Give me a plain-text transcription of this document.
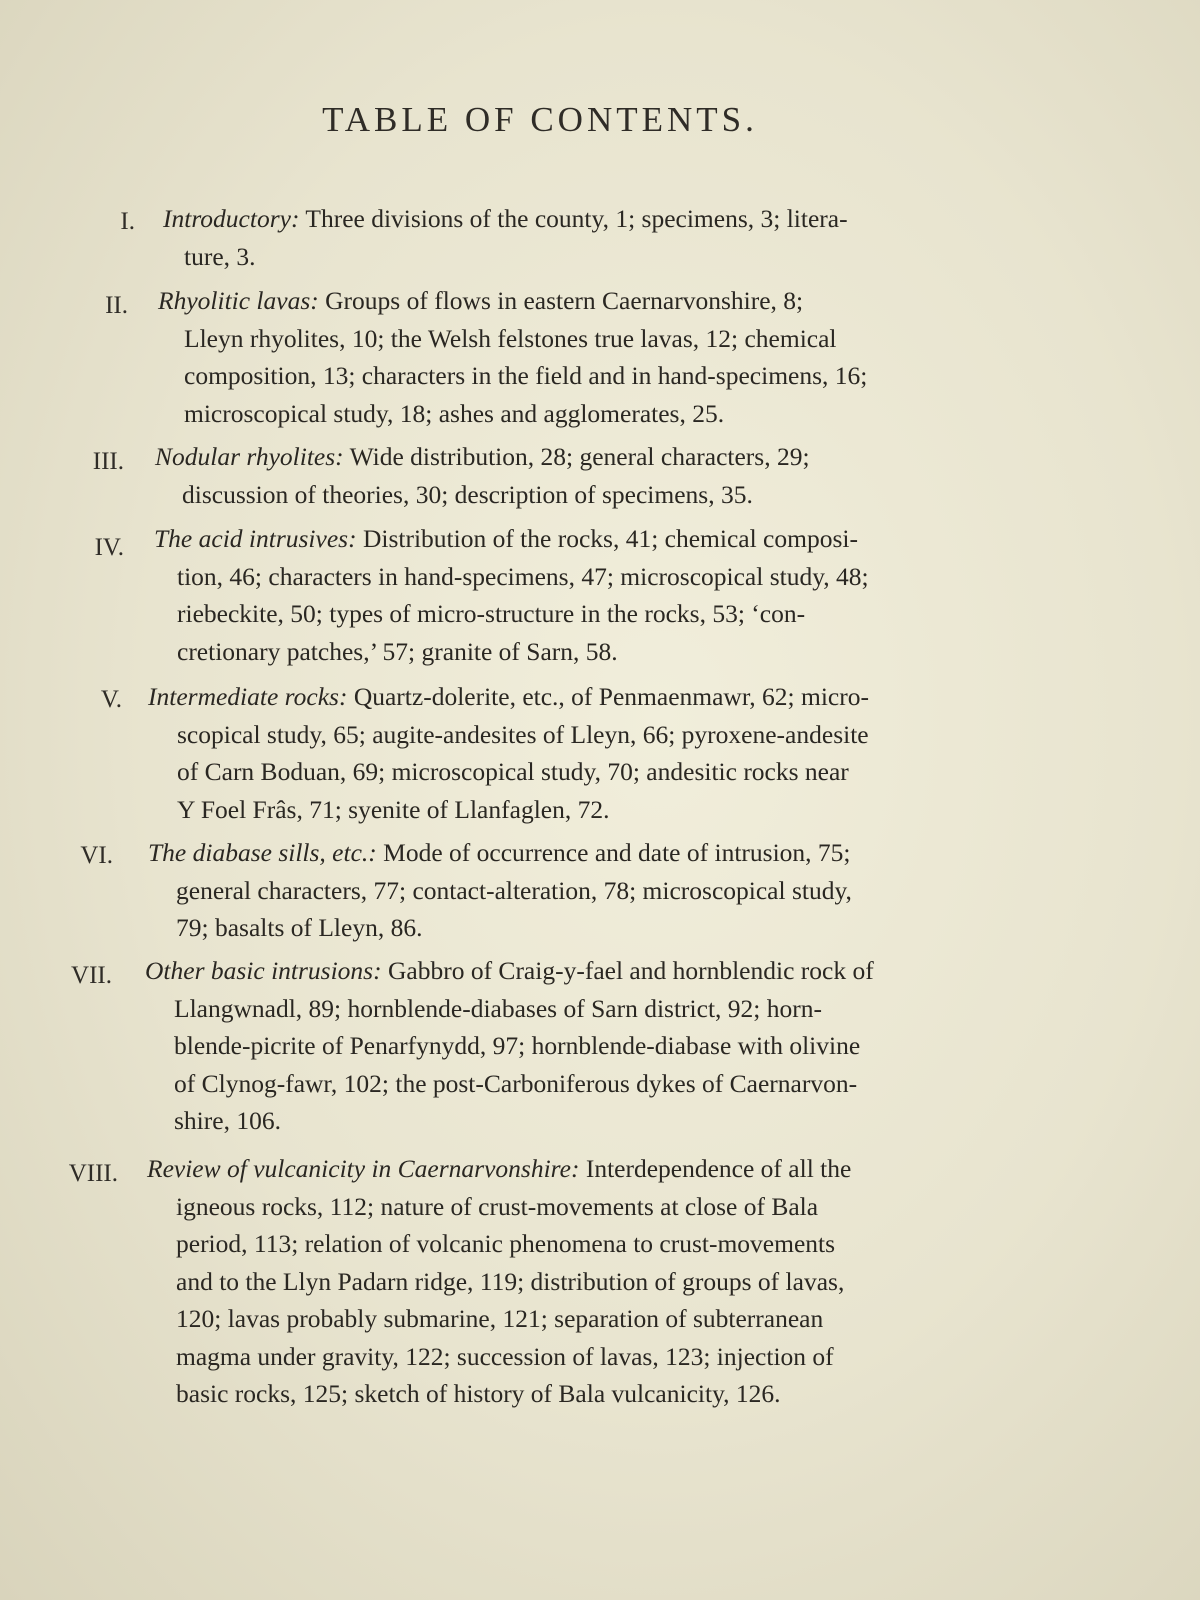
TABLE OF CONTENTS.
I. Introductory: Three divisions of the county, 1; specimens, 3; litera-
ture, 3.
II. Rhyolitic lavas: Groups of flows in eastern Caernarvonshire, 8;
Lleyn rhyolites, 10; the Welsh felstones true lavas, 12; chemical
composition, 13; characters in the field and in hand-specimens, 16;
microscopical study, 18; ashes and agglomerates, 25.
III. Nodular rhyolites: Wide distribution, 28; general characters, 29;
discussion of theories, 30; description of specimens, 35.
IV. The acid intrusives: Distribution of the rocks, 41; chemical composi-
tion, 46; characters in hand-specimens, 47; microscopical study, 48;
riebeckite, 50; types of micro-structure in the rocks, 53; ‘con-
cretionary patches,’ 57; granite of Sarn, 58.
V. Intermediate rocks: Quartz-dolerite, etc., of Penmaenmawr, 62; micro-
scopical study, 65; augite-andesites of Lleyn, 66; pyroxene-andesite
of Carn Boduan, 69; microscopical study, 70; andesitic rocks near
Y Foel Frâs, 71; syenite of Llanfaglen, 72.
VI. The diabase sills, etc.: Mode of occurrence and date of intrusion, 75;
general characters, 77; contact-alteration, 78; microscopical study,
79; basalts of Lleyn, 86.
VII. Other basic intrusions: Gabbro of Craig-y-fael and hornblendic rock of
Llangwnadl, 89; hornblende-diabases of Sarn district, 92; horn-
blende-picrite of Penarfynydd, 97; hornblende-diabase with olivine
of Clynog-fawr, 102; the post-Carboniferous dykes of Caernarvon-
shire, 106.
VIII. Review of vulcanicity in Caernarvonshire: Interdependence of all the
igneous rocks, 112; nature of crust-movements at close of Bala
period, 113; relation of volcanic phenomena to crust-movements
and to the Llyn Padarn ridge, 119; distribution of groups of lavas,
120; lavas probably submarine, 121; separation of subterranean
magma under gravity, 122; succession of lavas, 123; injection of
basic rocks, 125; sketch of history of Bala vulcanicity, 126.
